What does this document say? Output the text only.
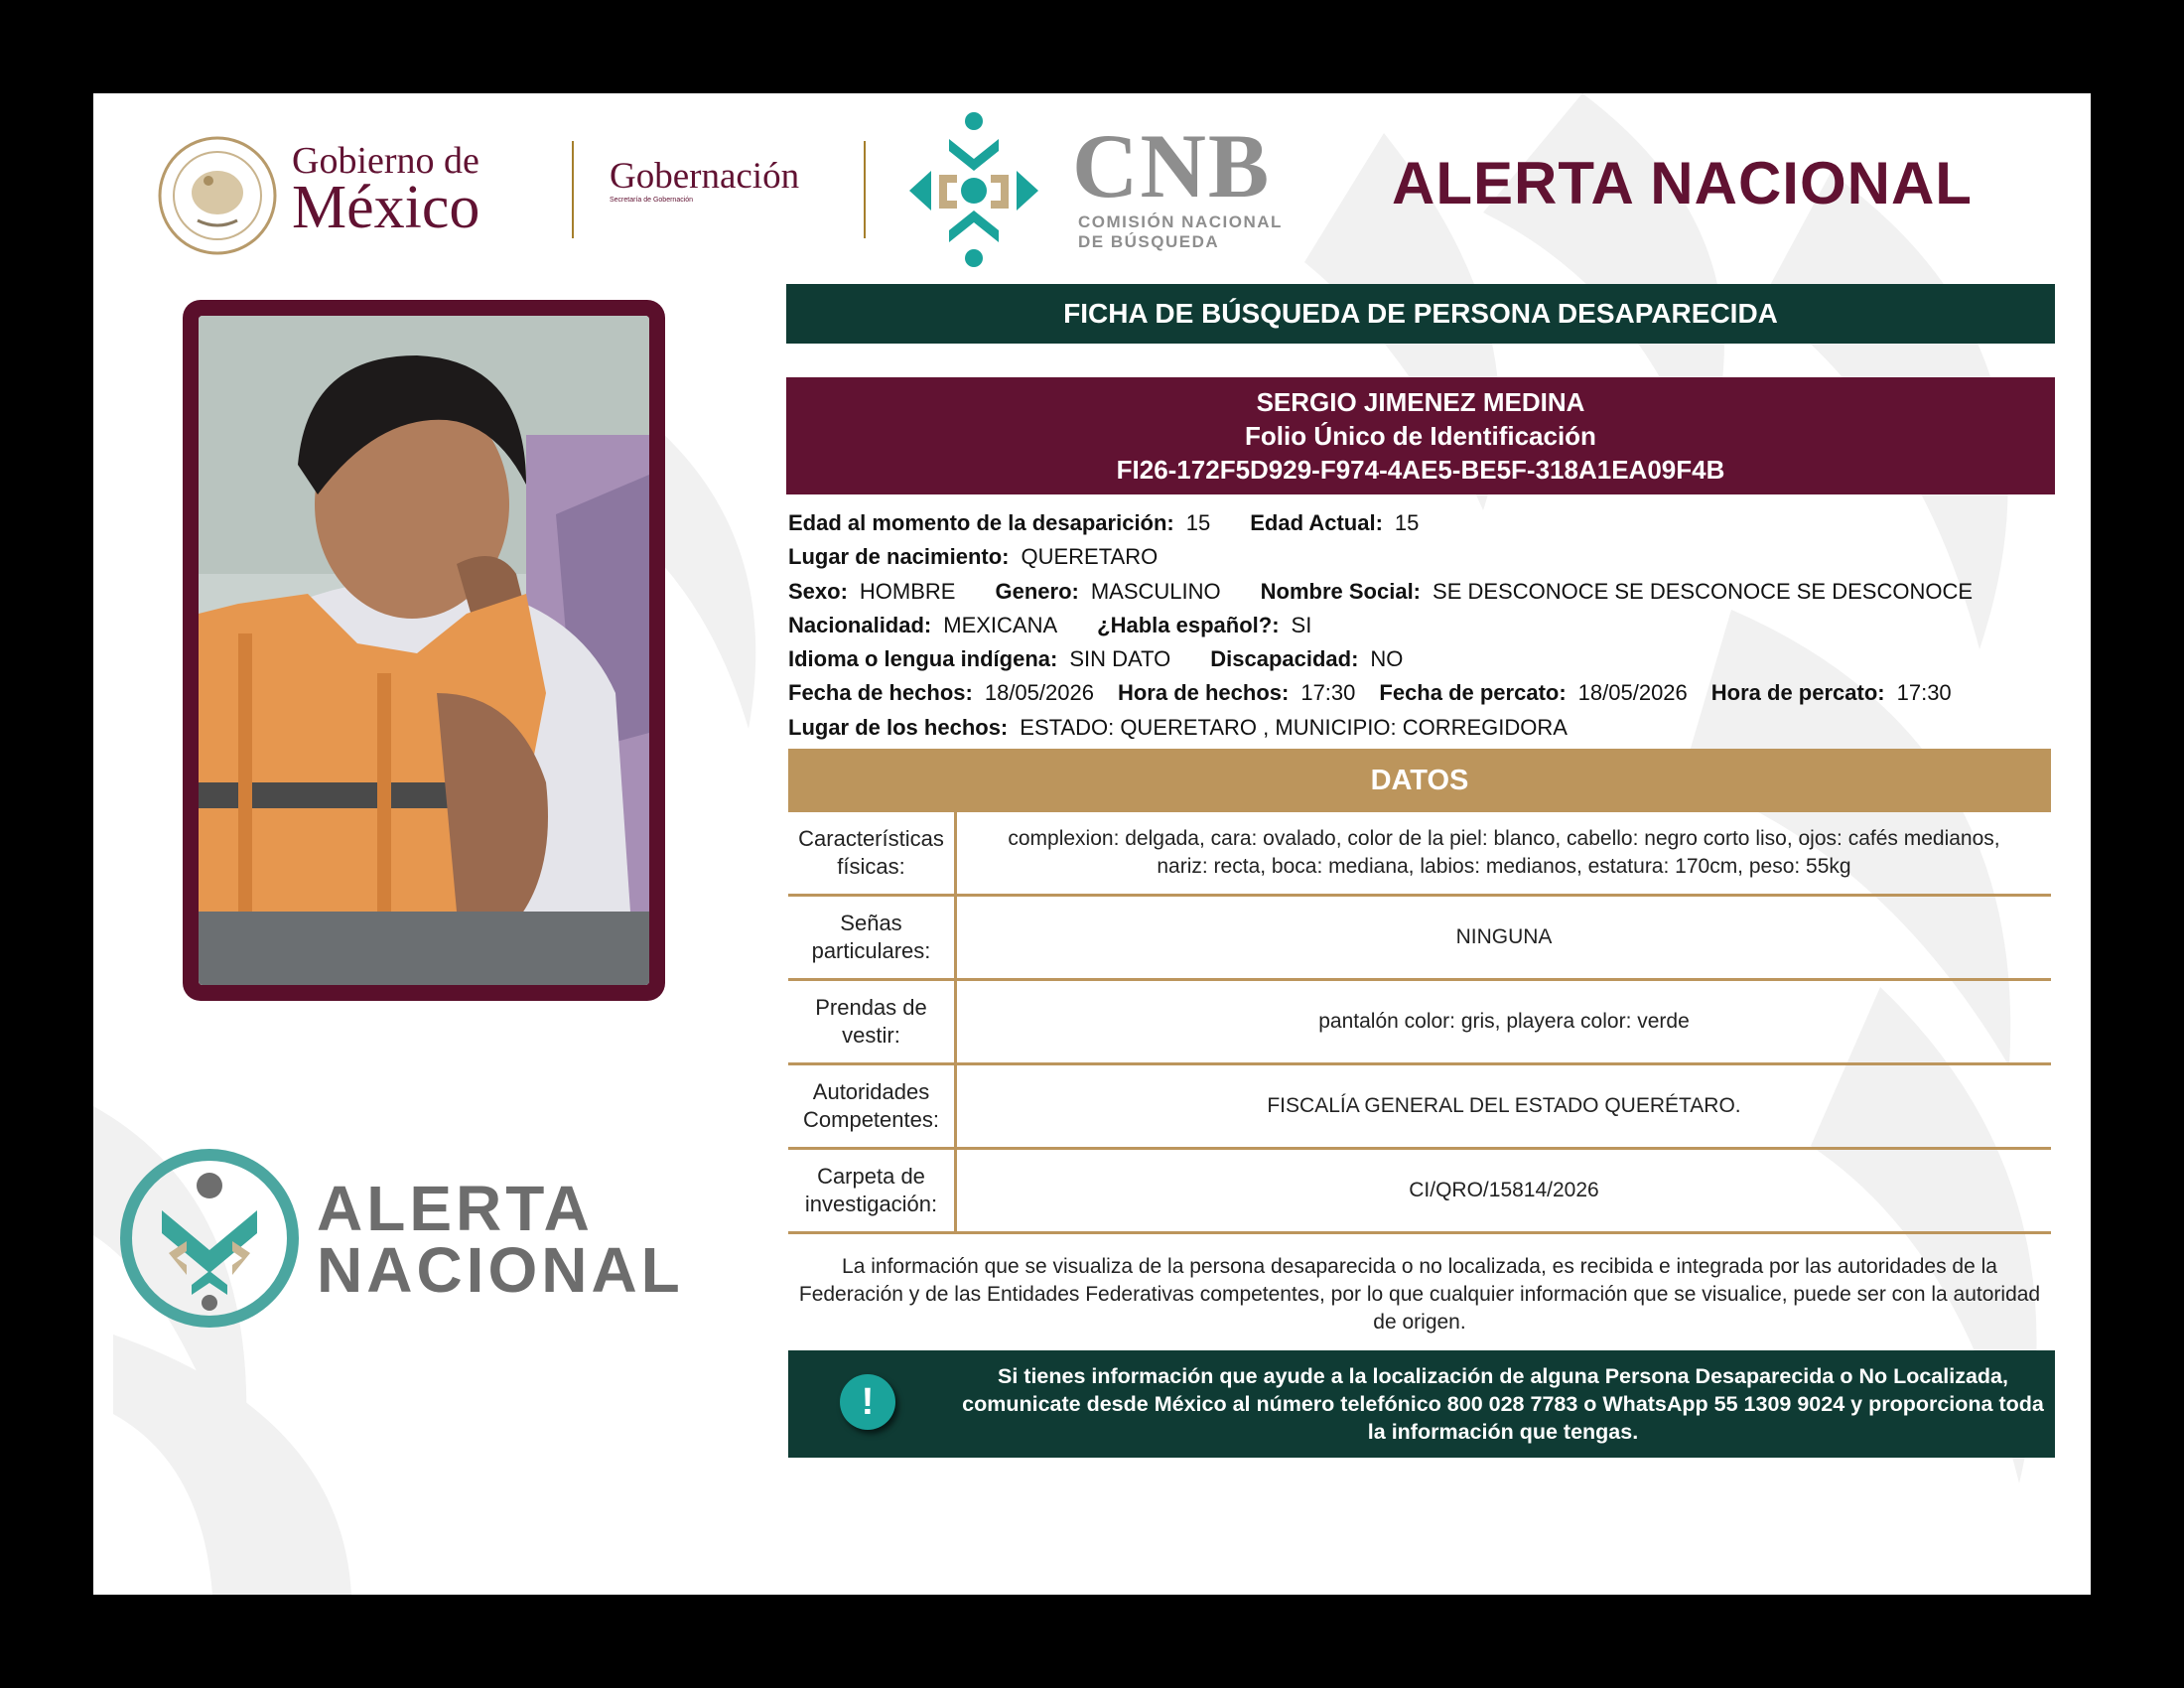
Gobierno de
México	Gobernación
Secretaría de Gobernación	CNB
COMISIÓN NACIONAL
DE BÚSQUEDA
ALERTA NACIONAL
ALERTA
NACIONAL
FICHA DE BÚSQUEDA DE PERSONA DESAPARECIDA
SERGIO JIMENEZ MEDINA
Folio Único de Identificación
FI26-172F5D929-F974-4AE5-BE5F-318A1EA09F4B
Edad al momento de la desaparición: 15 Edad Actual: 15
Lugar de nacimiento: QUERETARO
Sexo: HOMBRE Genero: MASCULINO Nombre Social: SE DESCONOCE SE DESCONOCE SE DESCONOCE
Nacionalidad: MEXICANA ¿Habla español?: SI
Idioma o lengua indígena: SIN DATO Discapacidad: NO
Fecha de hechos: 18/05/2026 Hora de hechos: 17:30 Fecha de percato: 18/05/2026 Hora de percato: 17:30
Lugar de los hechos: ESTADO: QUERETARO , MUNICIPIO: CORREGIDORA
DATOS
Características físicas:
complexion: delgada, cara: ovalado, color de la piel: blanco, cabello: negro corto liso, ojos: cafés medianos, nariz: recta, boca: mediana, labios: medianos, estatura: 170cm, peso: 55kg
Señas particulares:
NINGUNA
Prendas de vestir:
pantalón color: gris, playera color: verde
Autoridades Competentes:
FISCALÍA GENERAL DEL ESTADO QUERÉTARO.
Carpeta de investigación:
CI/QRO/15814/2026
La información que se visualiza de la persona desaparecida o no localizada, es recibida e integrada por las autoridades de la Federación y de las Entidades Federativas competentes, por lo que cualquier información que se visualice, puede ser con la autoridad de origen.
!
Si tienes información que ayude a la localización de alguna Persona Desaparecida o No Localizada, comunicate desde México al número telefónico 800 028 7783 o WhatsApp 55 1309 9024 y proporciona toda la información que tengas.
